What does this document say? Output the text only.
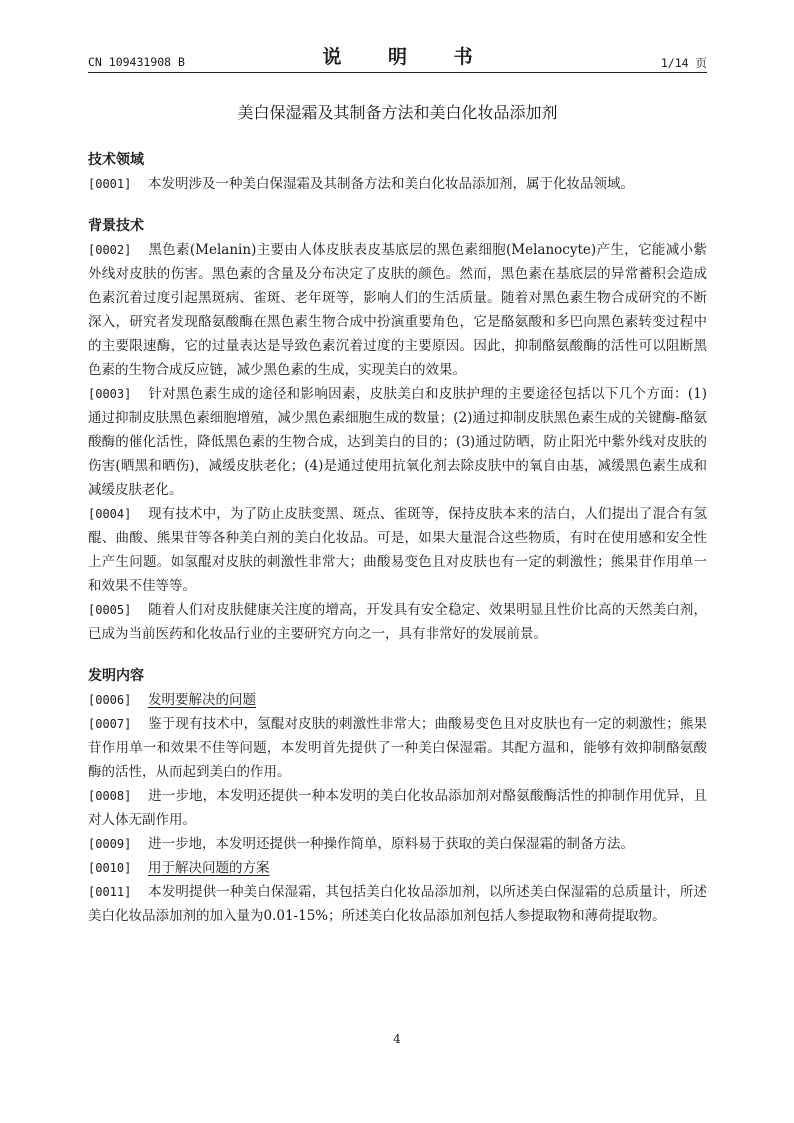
CN 109431908 B	说 明 书	1/14 页
美白保湿霜及其制备方法和美白化妆品添加剂
技术领域
[0001] 本发明涉及一种美白保湿霜及其制备方法和美白化妆品添加剂，属于化妆品领域。
背景技术
[0002] 黑色素(Melanin)主要由人体皮肤表皮基底层的黑色素细胞(Melanocyte)产生，它能减小紫外线对皮肤的伤害。黑色素的含量及分布决定了皮肤的颜色。然而，黑色素在基底层的异常蓄积会造成色素沉着过度引起黑斑病、雀斑、老年斑等，影响人们的生活质量。随着对黑色素生物合成研究的不断深入，研究者发现酪氨酸酶在黑色素生物合成中扮演重要角色，它是酪氨酸和多巴向黑色素转变过程中的主要限速酶，它的过量表达是导致色素沉着过度的主要原因。因此，抑制酪氨酸酶的活性可以阻断黑色素的生物合成反应链，减少黑色素的生成，实现美白的效果。
[0003] 针对黑色素生成的途径和影响因素，皮肤美白和皮肤护理的主要途径包括以下几个方面：(1)通过抑制皮肤黑色素细胞增殖，减少黑色素细胞生成的数量；(2)通过抑制皮肤黑色素生成的关键酶-酪氨酸酶的催化活性，降低黑色素的生物合成，达到美白的目的；(3)通过防晒，防止阳光中紫外线对皮肤的伤害(晒黑和晒伤)，减缓皮肤老化；(4)是通过使用抗氧化剂去除皮肤中的氧自由基，减缓黑色素生成和减缓皮肤老化。
[0004] 现有技术中，为了防止皮肤变黑、斑点、雀斑等，保持皮肤本来的洁白，人们提出了混合有氢醌、曲酸、熊果苷等各种美白剂的美白化妆品。可是，如果大量混合这些物质，有时在使用感和安全性上产生问题。如氢醌对皮肤的刺激性非常大；曲酸易变色且对皮肤也有一定的刺激性；熊果苷作用单一和效果不佳等等。
[0005] 随着人们对皮肤健康关注度的增高，开发具有安全稳定、效果明显且性价比高的天然美白剂，已成为当前医药和化妆品行业的主要研究方向之一，具有非常好的发展前景。
发明内容
[0006] 发明要解决的问题
[0007] 鉴于现有技术中，氢醌对皮肤的刺激性非常大；曲酸易变色且对皮肤也有一定的刺激性；熊果苷作用单一和效果不佳等问题，本发明首先提供了一种美白保湿霜。其配方温和，能够有效抑制酪氨酸酶的活性，从而起到美白的作用。
[0008] 进一步地，本发明还提供一种本发明的美白化妆品添加剂对酪氨酸酶活性的抑制作用优异，且对人体无副作用。
[0009] 进一步地，本发明还提供一种操作简单，原料易于获取的美白保湿霜的制备方法。
[0010] 用于解决问题的方案
[0011] 本发明提供一种美白保湿霜，其包括美白化妆品添加剂，以所述美白保湿霜的总质量计，所述美白化妆品添加剂的加入量为0.01-15%；所述美白化妆品添加剂包括人参提取物和薄荷提取物。
4
